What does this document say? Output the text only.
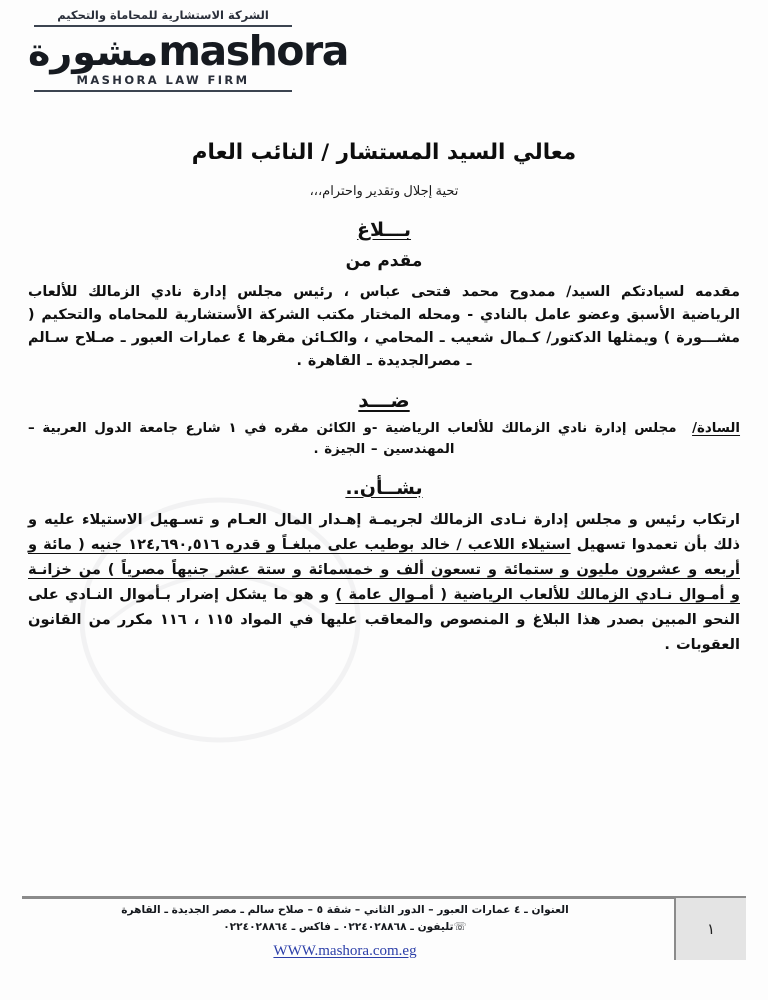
الشركة الاستشارية للمحاماة والتحكيم
مشورةmashora
MASHORA LAW FIRM
معالي السيد المستشار / النائب العام
تحية إجلال وتقدير واحترام،،،
بـــلاغ
مقدم من

مقدمه لسيادتكم السيد/ ممدوح محمد فتحى عباس ، رئيس مجلس إدارة نادي الزمالك للألعاب الرياضية الأسبق وعضو عامل بالنادي - ومحله المختار مكتب الشركة الأستشارية للمحاماه والتحكيم ( مشـــورة ) ويمثلها الدكتور/ كـمال شعيب ـ المحامي ، والكـائن مقرها ٤ عمارات العبور ـ صـلاح سـالم ـ مصرالجديدة ـ القاهرة .

ضـــد

السادة/  مجلس إدارة نادي الزمالك للألعاب الرياضية -و الكائن مقره في ١ شارع جامعة الدول العربية – المهندسين – الجيزة .

بشــأن..

ارتكاب رئيس و مجلس إدارة نـادى الزمالك لجريمـة إهـدار المال العـام و تسـهيل الاستيلاء عليه و ذلك بأن تعمدوا تسهيل استيلاء اللاعب / خالد بوطيب على مبلغـاً و قدره ١٢٤,٦٩٠,٥١٦ جنيه ( مائة و أربعه و عشرون مليون و ستمائة و تسعون ألف و خمسمائة و ستة عشر جنيهاً مصرياً ) من خزانـة و أمـوال نـادي الزمالك للألعاب الرياضية ( أمـوال عامة ) و هو ما يشكل إضرار بـأموال النـادي على النحو المبين بصدر هذا البلاغ و المنصوص والمعاقب عليها في المواد ١١٥ ، ١١٦ مكرر من القانون العقوبات .

١
العنوان ـ ٤ عمارات العبور – الدور الثاني – شقة ٥ – صلاح سالم ـ مصر الجديدة ـ القاهرة
☏تليفون ـ ٠٢٢٤٠٢٨٨٦٨ ـ فاكس ـ ٠٢٢٤٠٢٨٨٦٤
WWW.mashora.com.eg
